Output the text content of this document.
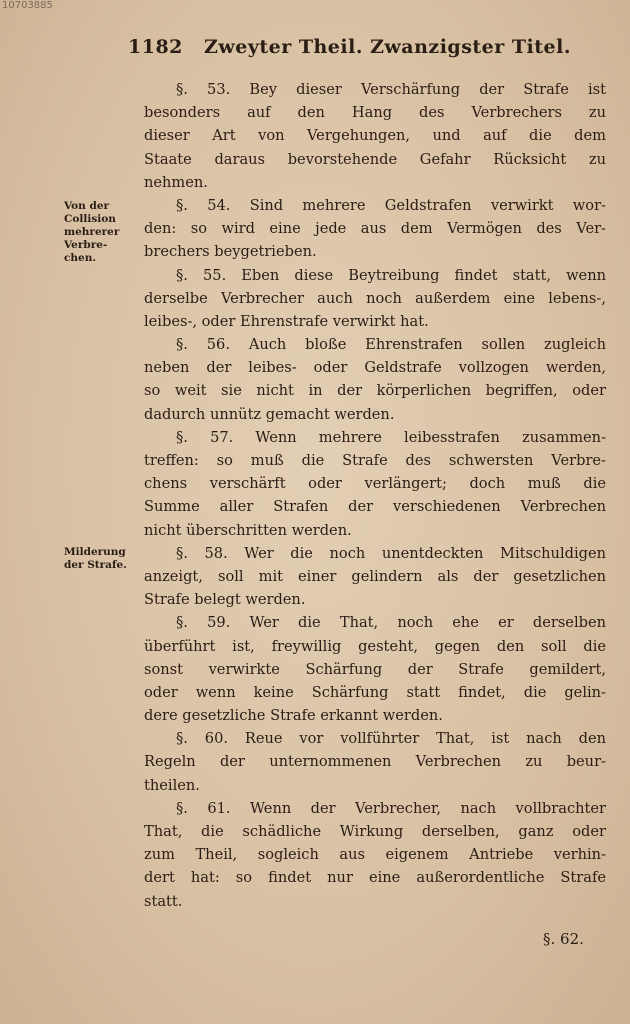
10703885
1182 Zweyter Theil. Zwanzigster Titel.
Von der
Collision
mehrerer
Verbre-
chen.
Milderung
der Strafe.
§. 53. Bey dieser Verschärfung der Strafe ist
besonders auf den Hang des Verbrechers zu
dieser Art von Vergehungen, und auf die dem
Staate daraus bevorstehende Gefahr Rücksicht zu
nehmen.
§. 54. Sind mehrere Geldstrafen verwirkt wor-
den: so wird eine jede aus dem Vermögen des Ver-
brechers beygetrieben.
§. 55. Eben diese Beytreibung findet statt, wenn
derselbe Verbrecher auch noch außerdem eine lebens-,
leibes-, oder Ehrenstrafe verwirkt hat.
§. 56. Auch bloße Ehrenstrafen sollen zugleich
neben der leibes- oder Geldstrafe vollzogen werden,
so weit sie nicht in der körperlichen begriffen, oder
dadurch unnütz gemacht werden.
§. 57. Wenn mehrere leibesstrafen zusammen-
treffen: so muß die Strafe des schwersten Verbre-
chens verschärft oder verlängert; doch muß die
Summe aller Strafen der verschiedenen Verbrechen
nicht überschritten werden.
§. 58. Wer die noch unentdeckten Mitschuldigen
anzeigt, soll mit einer gelindern als der gesetzlichen
Strafe belegt werden.
§. 59. Wer die That, noch ehe er derselben
überführt ist, freywillig gesteht, gegen den soll die
sonst verwirkte Schärfung der Strafe gemildert,
oder wenn keine Schärfung statt findet, die gelin-
dere gesetzliche Strafe erkannt werden.
§. 60. Reue vor vollführter That, ist nach den
Regeln der unternommenen Verbrechen zu beur-
theilen.
§. 61. Wenn der Verbrecher, nach vollbrachter
That, die schädliche Wirkung derselben, ganz oder
zum Theil, sogleich aus eigenem Antriebe verhin-
dert hat: so findet nur eine außerordentliche Strafe
statt.
§. 62.
